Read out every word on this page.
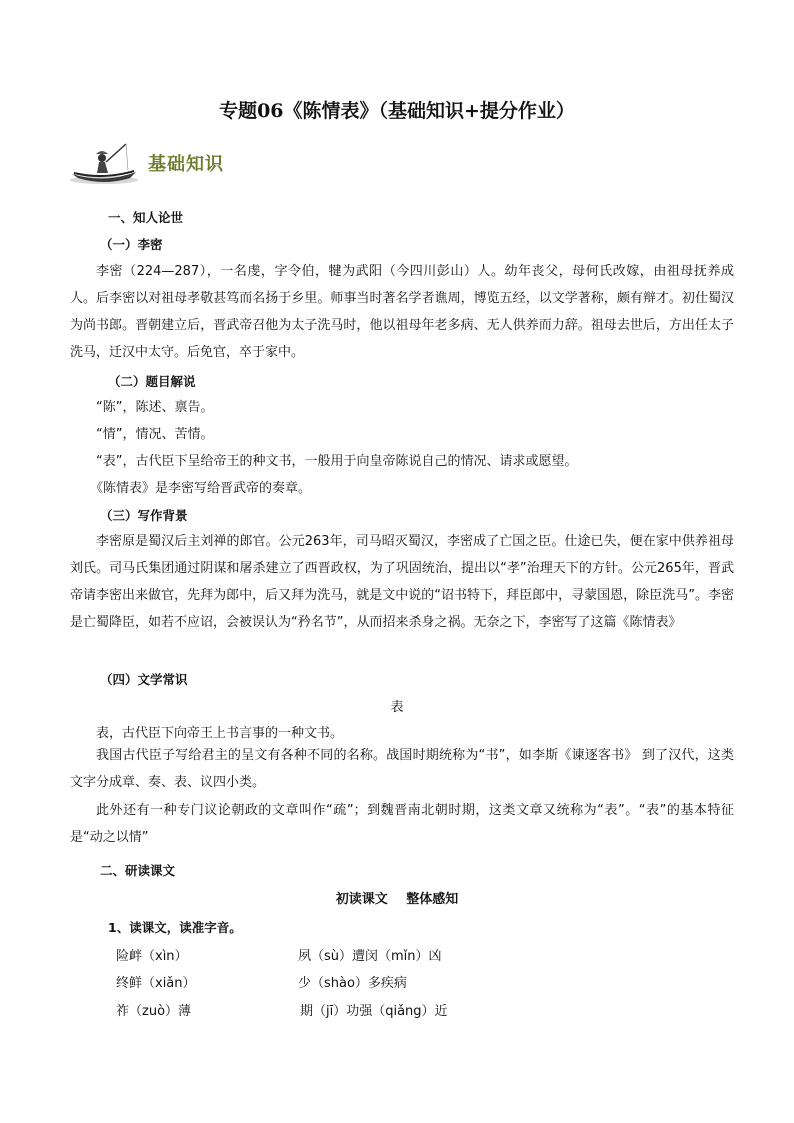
专题06《陈情表》（基础知识+提分作业）
基础知识
一、知人论世
（一）李密
李密（224—287），一名虔，字令伯，犍为武阳（今四川彭山）人。幼年丧父，母何氏改嫁，由祖母抚养成人。后李密以对祖母孝敬甚笃而名扬于乡里。师事当时著名学者谯周，博览五经，以文学著称，颇有辩才。初仕蜀汉为尚书郎。晋朝建立后，晋武帝召他为太子洗马时，他以祖母年老多病、无人供养而力辞。祖母去世后，方出任太子洗马，迁汉中太守。后免官，卒于家中。
（二）题目解说
“陈”，陈述、禀告。
“情”，情况、苦情。
“表”，古代臣下呈给帝王的种文书，一般用于向皇帝陈说自己的情况、请求或愿望。
《陈情表》是李密写给晋武帝的奏章。
（三）写作背景
李密原是蜀汉后主刘禅的郎官。公元263年，司马昭灭蜀汉，李密成了亡国之臣。仕途已失，便在家中供养祖母刘氏。司马氏集团通过阴谋和屠杀建立了西晋政权，为了巩固统治，提出以“孝”治理天下的方针。公元265年，晋武帝请李密出来做官，先拜为郎中，后又拜为洗马，就是文中说的“诏书特下，拜臣郎中，寻蒙国恩，除臣洗马”。李密是亡蜀降臣，如若不应诏，会被误认为“矜名节”，从而招来杀身之祸。无奈之下，李密写了这篇《陈情表》
（四）文学常识
表
表，古代臣下向帝王上书言事的一种文书。
我国古代臣子写给君主的呈文有各种不同的名称。战国时期统称为“书”，如李斯《谏逐客书》 到了汉代，这类文字分成章、奏、表、议四小类。
此外还有一种专门议论朝政的文章叫作“疏”；到魏晋南北朝时期，这类文章又统称为“表”。“表”的基本特征是“动之以情”
二、研读课文
初读课文 整体感知
1、读课文，读准字音。
险衅（xìn）	夙（sù）遭闵（mǐn）凶
终鲜（xiǎn）	少（shào）多疾病
祚（zuò）薄	期（jī）功强（qiǎng）近
